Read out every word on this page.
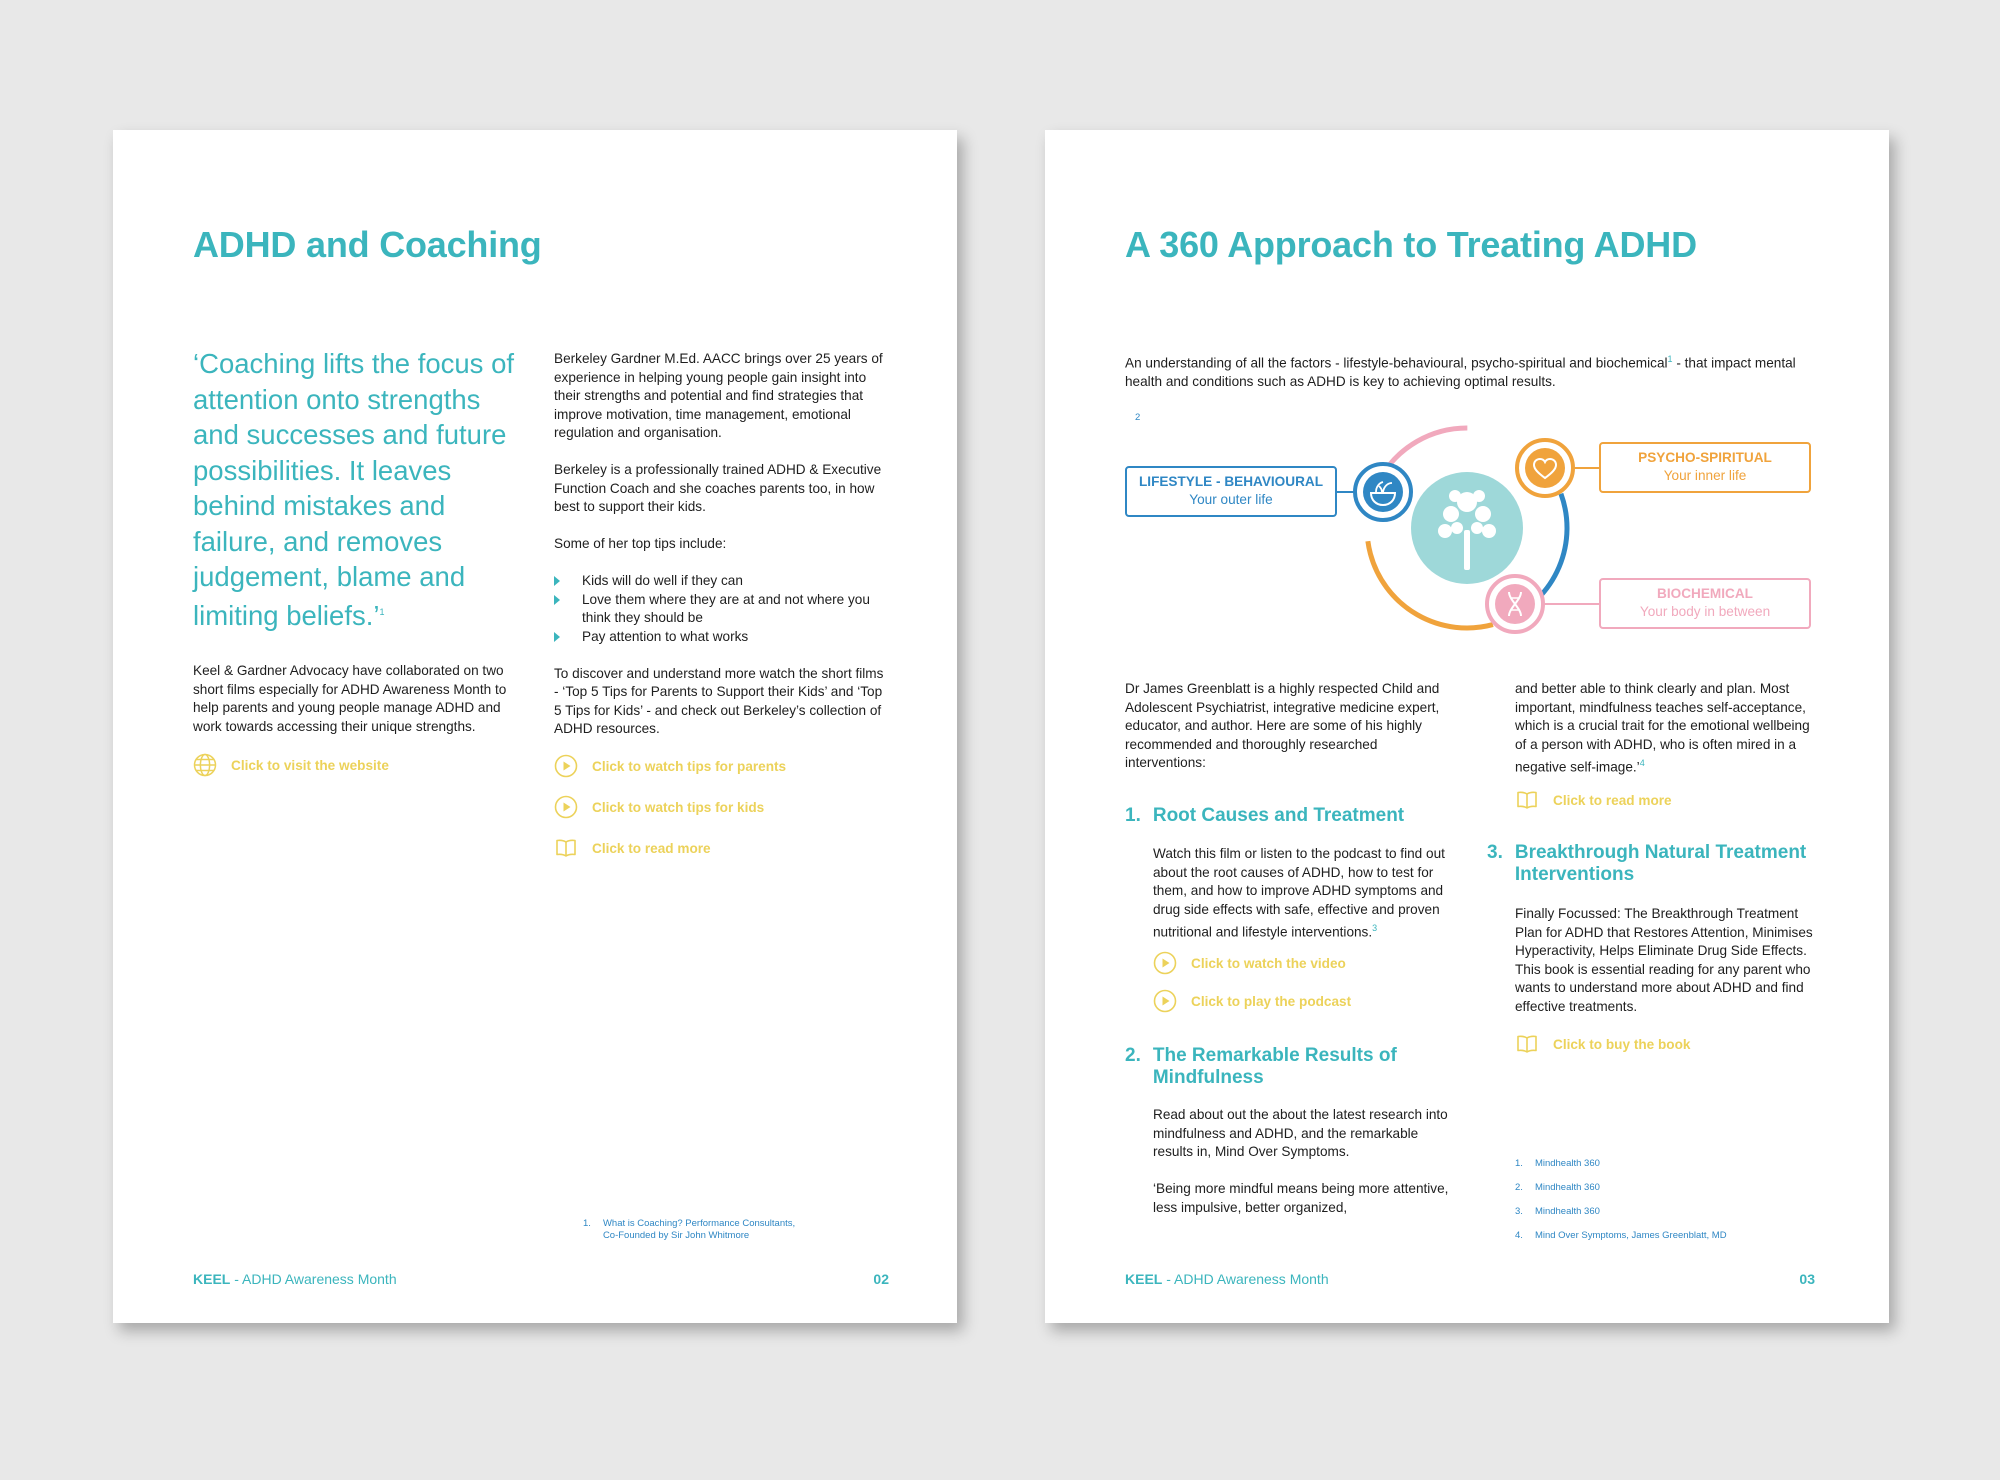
ADHD and Coaching
‘Coaching lifts the focus of attention onto strengths and successes and future possibilities. It leaves behind mistakes and failure, and removes judgement, blame and limiting beliefs.’$^1$
Keel & Gardner Advocacy have collaborated on two short films especially for ADHD Awareness Month to help parents and young people manage ADHD and work towards accessing their unique strengths.
Click to visit the website

Berkeley Gardner M.Ed. AACC brings over 25 years of experience in helping young people gain insight into their strengths and potential and find strategies that improve motivation, time management, emotional regulation and organisation.

Berkeley is a professionally trained ADHD & Executive Function Coach and she coaches parents too, in how best to support their kids.

Some of her top tips include:

Kids will do well if they can
Love them where they are at and not where you think they should be
Pay attention to what works

To discover and understand more watch the short films - ‘Top 5 Tips for Parents to Support their Kids’ and ‘Top 5 Tips for Kids’ - and check out Berkeley’s collection of ADHD resources.

Click to watch tips for parents
Click to watch tips for kids
Click to read more
1. What is Coaching? Performance Consultants, Co-Founded by Sir John Whitmore
KEEL - ADHD Awareness Month	02
A 360 Approach to Treating ADHD
An understanding of all the factors - lifestyle-behavioural, psycho-spiritual and biochemical$^1$ - that impact mental health and conditions such as ADHD is key to achieving optimal results.
2
LIFESTYLE - BEHAVIOURAL
Your outer life
PSYCHO-SPIRITUAL
Your inner life
BIOCHEMICAL
Your body in between
Dr James Greenblatt is a highly respected Child and Adolescent Psychiatrist, integrative medicine expert, educator, and author. Here are some of his highly recommended and thoroughly researched interventions:
1. Root Causes and Treatment
Watch this film or listen to the podcast to find out about the root causes of ADHD, how to test for them, and how to improve ADHD symptoms and drug side effects with safe, effective and proven nutritional and lifestyle interventions.$^3$
Click to watch the video
Click to play the podcast
2. The Remarkable Results of Mindfulness

Read about out the about the latest research into mindfulness and ADHD, and the remarkable results in, Mind Over Symptoms.

‘Being more mindful means being more attentive, less impulsive, better organized,

and better able to think clearly and plan. Most important, mindfulness teaches self-acceptance, which is a crucial trait for the emotional wellbeing of a person with ADHD, who is often mired in a negative self-image.’$^4$
Click to read more
3. Breakthrough Natural Treatment Interventions
Finally Focussed: The Breakthrough Treatment Plan for ADHD that Restores Attention, Minimises Hyperactivity, Helps Eliminate Drug Side Effects. This book is essential reading for any parent who wants to understand more about ADHD and find effective treatments.
Click to buy the book
1. Mindhealth 360
2. Mindhealth 360
3. Mindhealth 360
4. Mind Over Symptoms, James Greenblatt, MD
KEEL - ADHD Awareness Month	03
